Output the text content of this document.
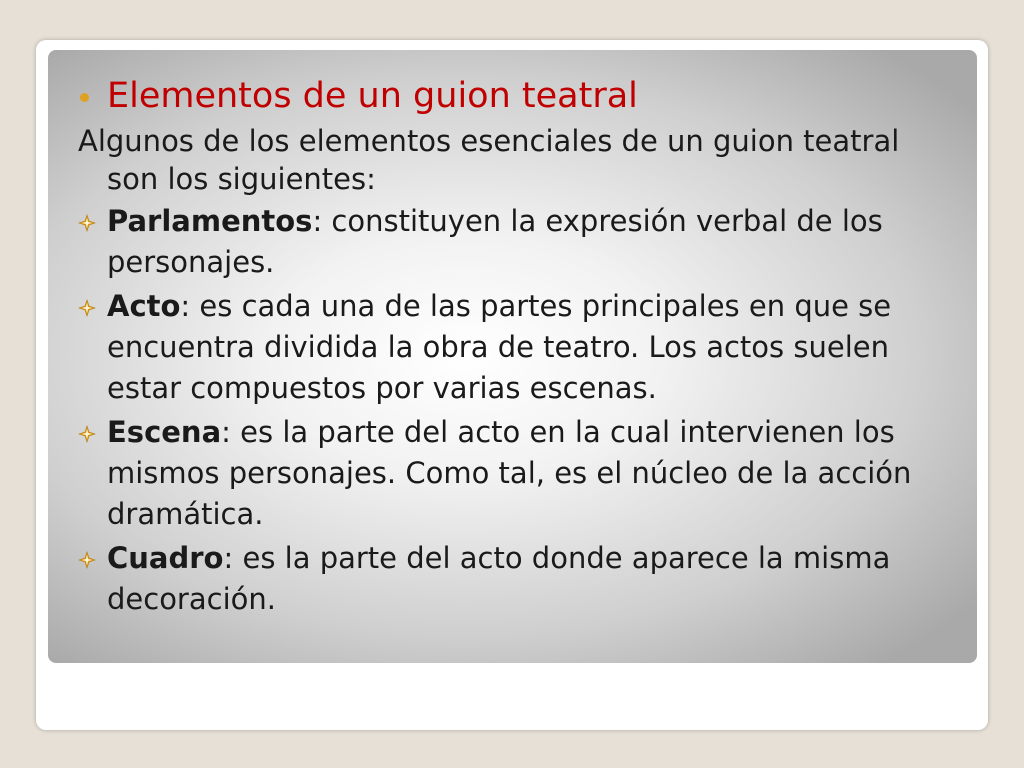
Elementos de un guion teatral
Algunos de los elementos esenciales de un guion teatral son los siguientes:
Parlamentos: constituyen la expresión verbal de los personajes.
Acto: es cada una de las partes principales en que se encuentra dividida la obra de teatro. Los actos suelen estar compuestos por varias escenas.
Escena: es la parte del acto en la cual intervienen los mismos personajes. Como tal, es el núcleo de la acción dramática.
Cuadro: es la parte del acto donde aparece la misma decoración.
